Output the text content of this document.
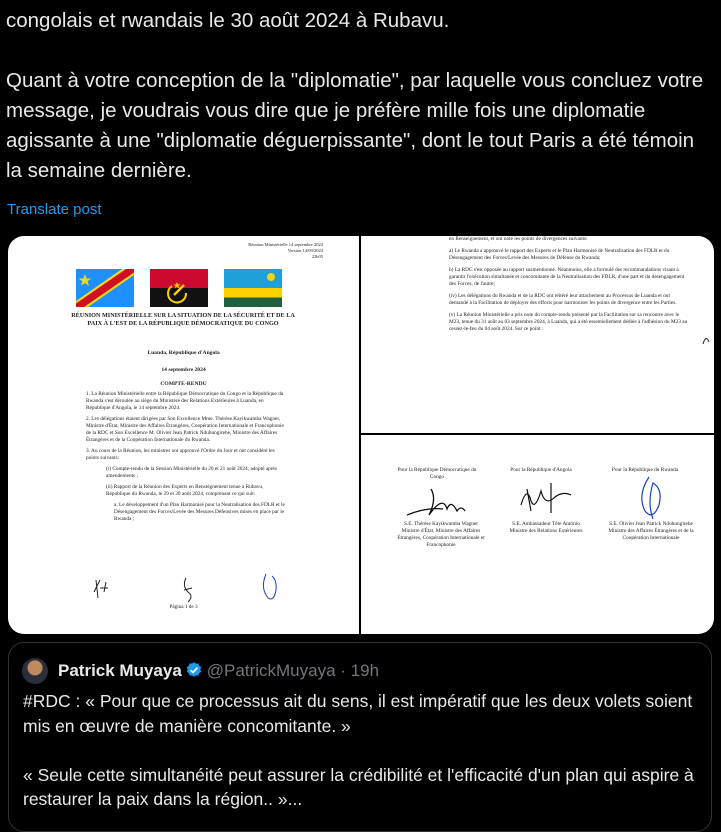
congolais et rwandais le 30 août 2024 à Rubavu.

Quant à votre conception de la "diplomatie", par laquelle vous concluez votre message, je voudrais vous dire que je préfère mille fois une diplomatie agissante à une "diplomatie déguerpissante", dont le tout Paris a été témoin la semaine dernière.
Translate post
Réunion Ministérielle 14 septembre 2024
Version 14/09/2024
22h05
RÉUNION MINISTÉRIELLE SUR LA SITUATION DE LA SÉCURITÉ ET DE LA PAIX À L'EST DE LA RÉPUBLIQUE DÉMOCRATIQUE DU CONGO
Luanda, République d'Angola
14 septembre 2024
COMPTE-RENDU

1. La Réunion Ministérielle entre la République Démocratique du Congo et la République du Rwanda s'est déroulée au siège du Ministère des Relations Extérieures à Luanda, en République d'Angola, le 14 septembre 2024.

2. Les délégations étaient dirigées par Son Excellence Mme. Thérèse Kayikwamba Wagner, Ministre d'État, Ministre des Affaires Étrangères, Coopération Internationale et Francophonie de la RDC et Son Excellence M. Olivier Jean Patrick Nduhungirehe, Ministre des Affaires Étrangères et de la Coopération Internationale du Rwanda.

3. Au cours de la Réunion, les ministres ont approuvé l'Ordre du Jour et ont considéré les points suivants:

(i) Compte-rendu de la Session Ministérielle du 20 et 21 août 2024, adopté après amendements ;

(ii) Rapport de la Réunion des Experts en Renseignement tenue à Rubavu, République du Rwanda, le 29 et 30 août 2024, comprenant ce qui suit:

a. Le développement d'un Plan Harmonisé pour la Neutralisation des FDLR et le Désengagement des Forces/Levée des Mesures Défensives mises en place par le Rwanda ;

Página 1 de 3

en Renseignement, et ont noté les points de divergences suivants:

a) Le Rwanda a approuvé le rapport des Experts et le Plan Harmonisé de Neutralisation des FDLR et du Désengagement des Forces/Levée des Mesures de Défense du Rwanda;

b) La RDC s'est opposée au rapport susmentionné. Néanmoins, elle a formulé des recommandations visant à garantir l'exécution simultanée et concomitante de la Neutralisation des FDLR, d'une part et du désengagement des Forces, de l'autre;

(iv) Les délégations du Rwanda et de la RDC ont réitéré leur attachement au Processus de Luanda et ont demandé à la Facilitation de déployer des efforts pour harmoniser les points de divergence entre les Parties.

(v) La Réunion Ministérielle a pris note du compte-rendu présenté par la Facilitation sur sa rencontre avec le M23, tenue du 31 août au 03 septembre 2024, à Luanda, qui a été essentiellement dédiée à l'adhésion du M23 au cessez-le-feu du 04 août 2024. Sur ce point :

Pour la République Démocratique du Congo
Pour la République d'Angola	Pour la République du Rwanda
S.E. Thérèse Kayikwamba Wagner
Ministre d'État, Ministre des Affaires Étrangères, Coopération Internationale et Francophonie
S.E. Ambassadeur Tête António
Ministre des Relations Extérieures
S.E. Olivier Jean Patrick Nduhungirehe
Ministre des Affaires Étrangères et de la Coopération Internationale
Patrick Muyaya @PatrickMuyaya · 19h
#RDC : « Pour que ce processus ait du sens, il est impératif que les deux volets soient mis en œuvre de manière concomitante. »

« Seule cette simultanéité peut assurer la crédibilité et l'efficacité d'un plan qui aspire à restaurer la paix dans la région.. »...
